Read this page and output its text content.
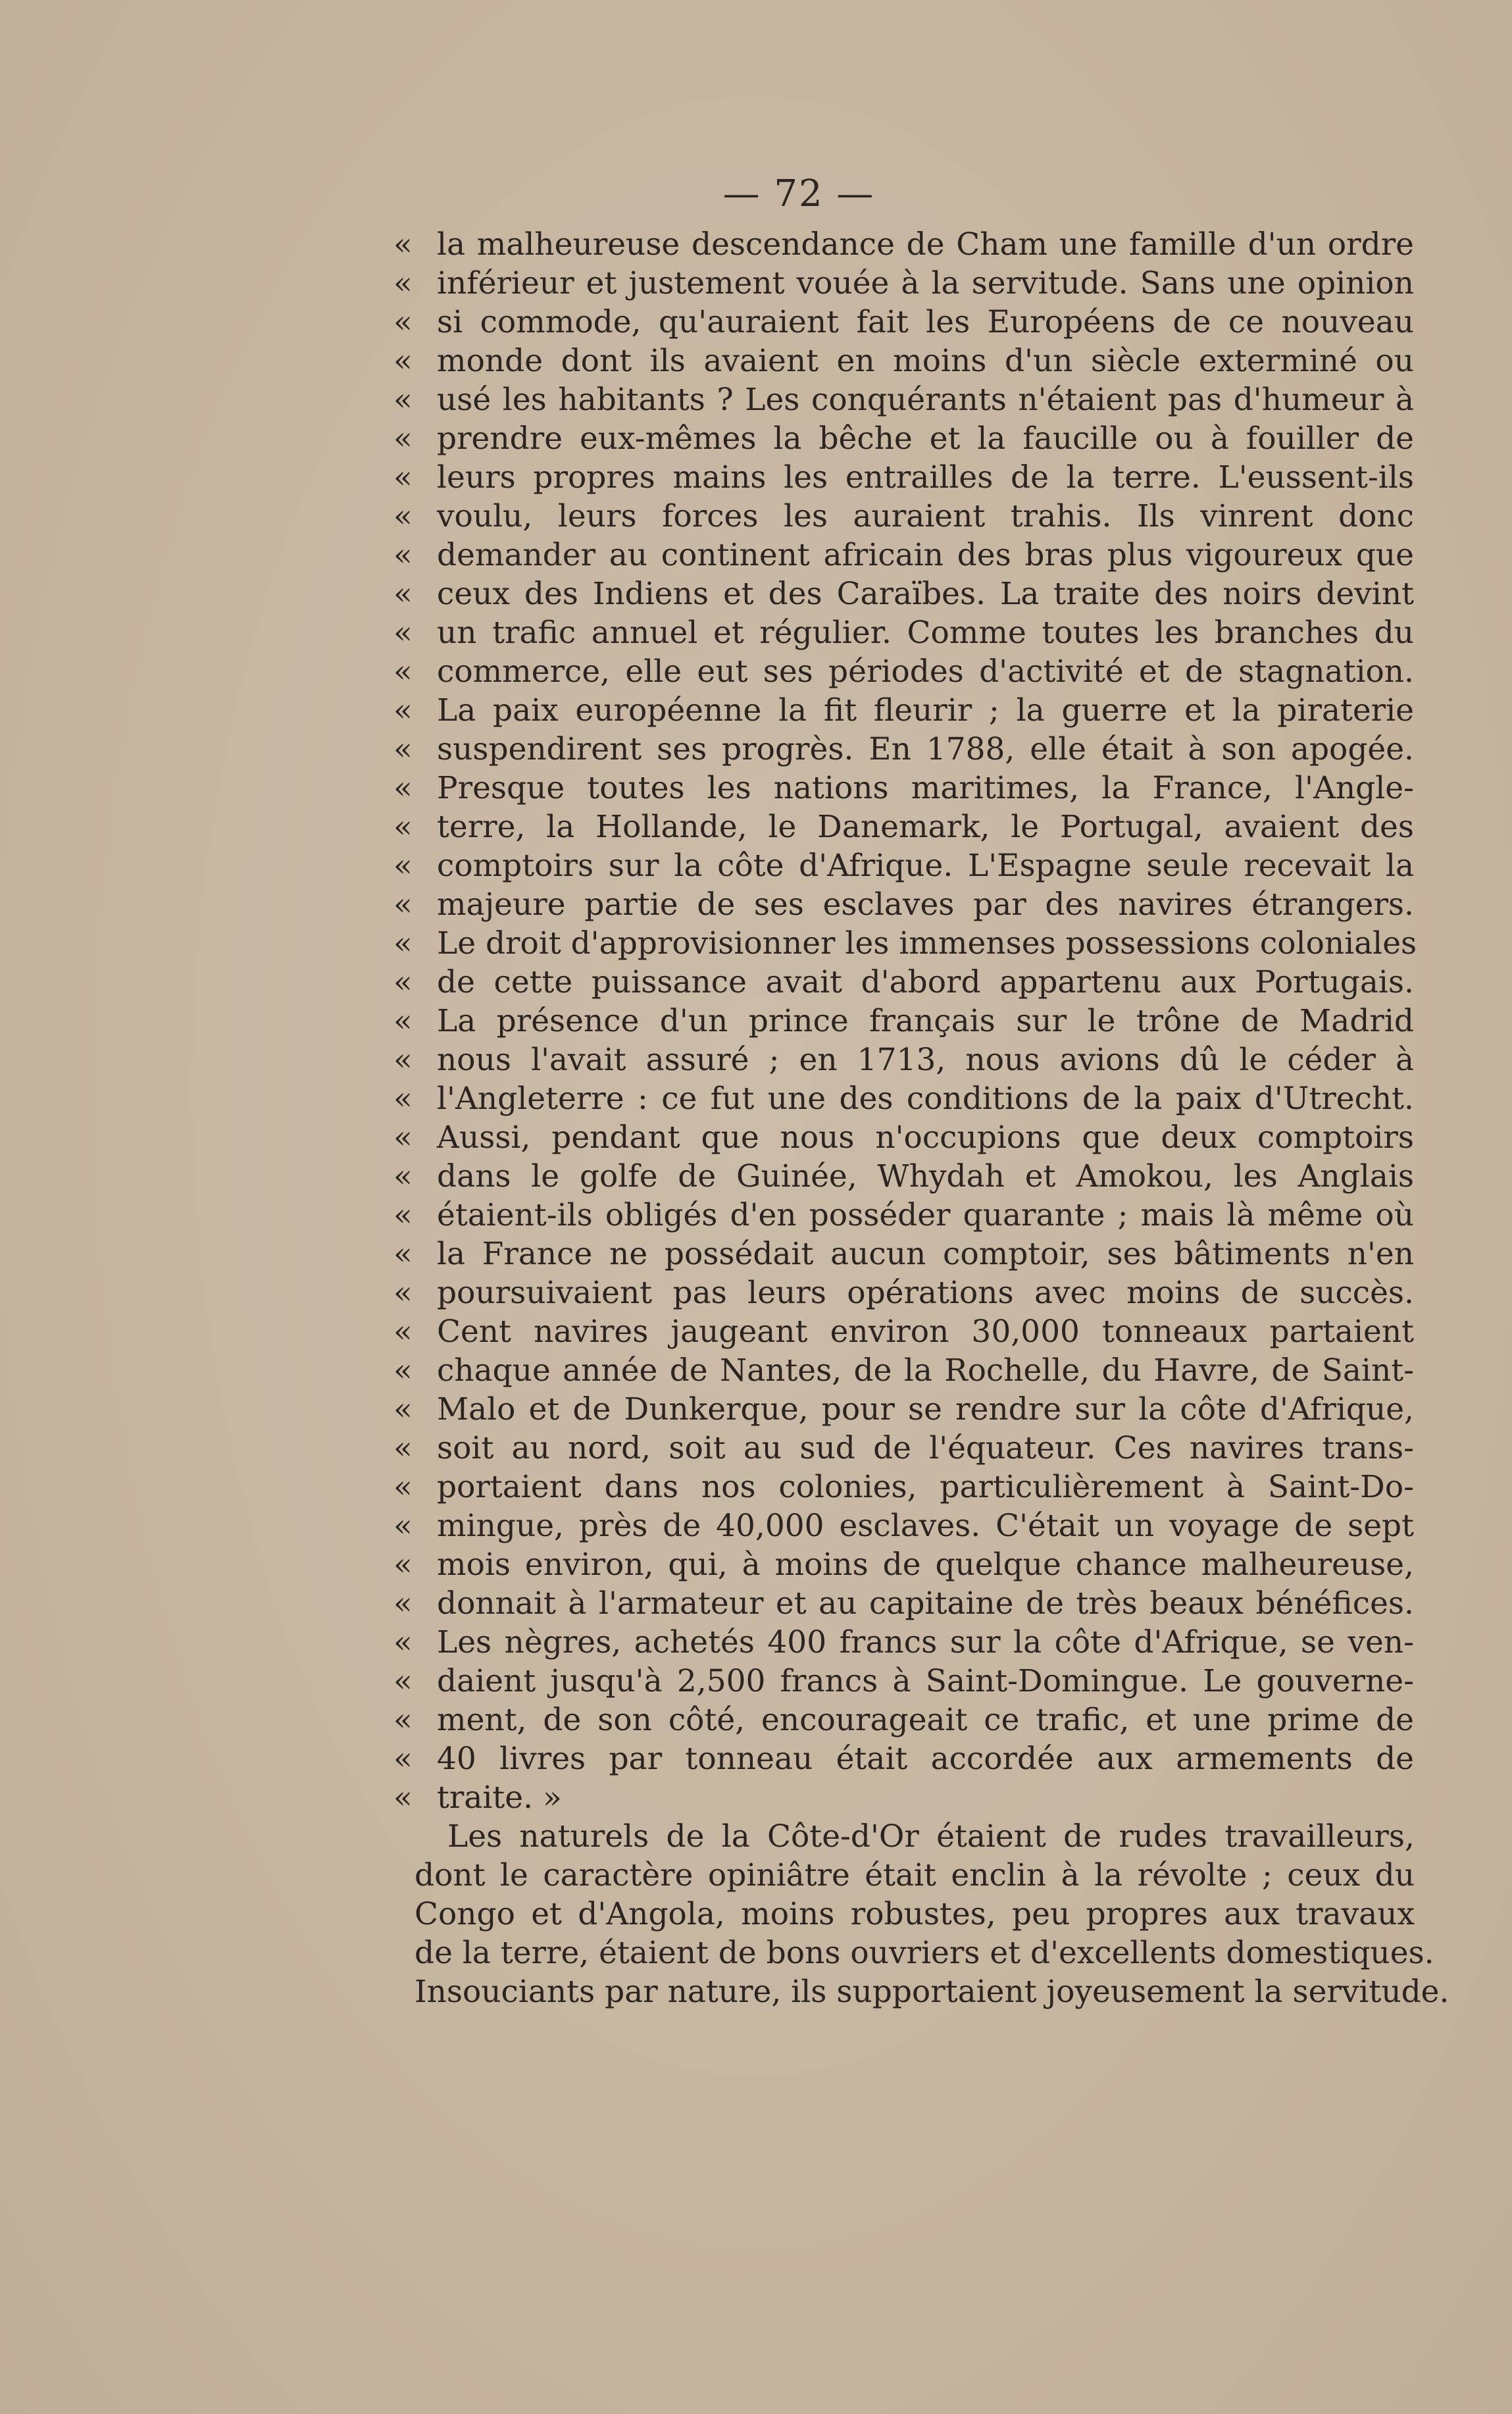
— 72 —
« la malheureuse descendance de Cham une famille d'un ordre
« inférieur et justement vouée à la servitude. Sans une opinion
« si commode, qu'auraient fait les Européens de ce nouveau
« monde dont ils avaient en moins d'un siècle exterminé ou
« usé les habitants ? Les conquérants n'étaient pas d'humeur à
« prendre eux-mêmes la bêche et la faucille ou à fouiller de
« leurs propres mains les entrailles de la terre. L'eussent-ils
« voulu, leurs forces les auraient trahis. Ils vinrent donc
« demander au continent africain des bras plus vigoureux que
« ceux des Indiens et des Caraïbes. La traite des noirs devint
« un trafic annuel et régulier. Comme toutes les branches du
« commerce, elle eut ses périodes d'activité et de stagnation.
« La paix européenne la fit fleurir ; la guerre et la piraterie
« suspendirent ses progrès. En 1788, elle était à son apogée.
« Presque toutes les nations maritimes, la France, l'Angle-
« terre, la Hollande, le Danemark, le Portugal, avaient des
« comptoirs sur la côte d'Afrique. L'Espagne seule recevait la
« majeure partie de ses esclaves par des navires étrangers.
« Le droit d'approvisionner les immenses possessions coloniales
« de cette puissance avait d'abord appartenu aux Portugais.
« La présence d'un prince français sur le trône de Madrid
« nous l'avait assuré ; en 1713, nous avions dû le céder à
« l'Angleterre : ce fut une des conditions de la paix d'Utrecht.
« Aussi, pendant que nous n'occupions que deux comptoirs
« dans le golfe de Guinée, Whydah et Amokou, les Anglais
« étaient-ils obligés d'en posséder quarante ; mais là même où
« la France ne possédait aucun comptoir, ses bâtiments n'en
« poursuivaient pas leurs opérations avec moins de succès.
« Cent navires jaugeant environ 30,000 tonneaux partaient
« chaque année de Nantes, de la Rochelle, du Havre, de Saint-
« Malo et de Dunkerque, pour se rendre sur la côte d'Afrique,
« soit au nord, soit au sud de l'équateur. Ces navires trans-
« portaient dans nos colonies, particulièrement à Saint-Do-
« mingue, près de 40,000 esclaves. C'était un voyage de sept
« mois environ, qui, à moins de quelque chance malheureuse,
« donnait à l'armateur et au capitaine de très beaux bénéfices.
« Les nègres, achetés 400 francs sur la côte d'Afrique, se ven-
« daient jusqu'à 2,500 francs à Saint-Domingue. Le gouverne-
« ment, de son côté, encourageait ce trafic, et une prime de
« 40 livres par tonneau était accordée aux armements de
« traite. »
Les naturels de la Côte-d'Or étaient de rudes travailleurs,
dont le caractère opiniâtre était enclin à la révolte ; ceux du
Congo et d'Angola, moins robustes, peu propres aux travaux
de la terre, étaient de bons ouvriers et d'excellents domestiques.
Insouciants par nature, ils supportaient joyeusement la servitude.
